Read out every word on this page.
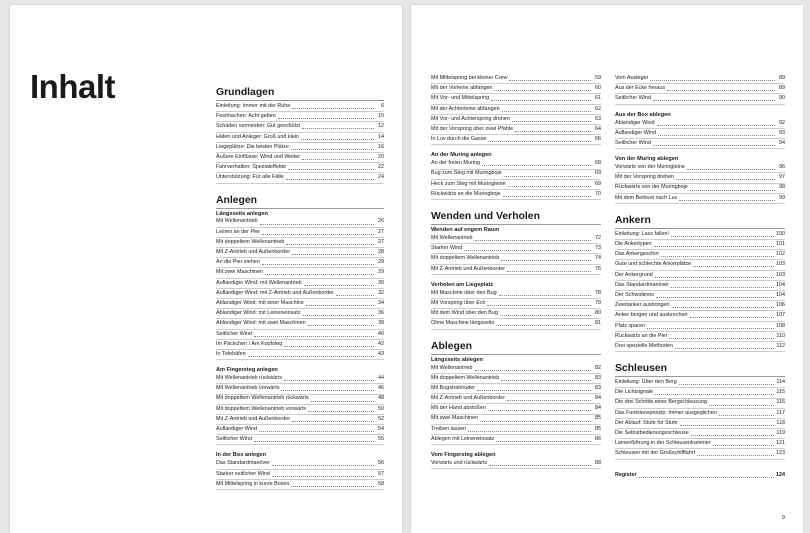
Inhalt	Grundlagen
Einleitung: Immer mit der Ruhe	6
Festmachen: Acht geben	10
Schäden vermeiden: Gut geschützt	12
Häfen und Anleger: Groß und klein	14
Liegeplätze: Die besten Plätze	16
Äußere Einflüsse: Wind und Wetter	20
Fahrverhalten: Spezialeffekte	22
Unterstützung: Für alle Fälle	24
Anlegen
Längsseits anlegen
Mit Wellenantrieb	26
Leinen an der Pier	27
Mit doppeltem Wellenantrieb	27
Mit Z-Antrieb und Außenborder	28
An die Pier ziehen	29
Mit zwei Maschinen	29
Auflandiger Wind: mit Wellenantrieb	30
Auflandiger Wind: mit Z-Antrieb und Außenborder	32
Ablandiger Wind: mit einer Maschine	34
Ablandiger Wind: mit Leineneinsatz	36
Ablandiger Wind: mit zwei Maschinen	38
Seitlicher Wind	40
Im Päckchen / Am Kopfsteg	42
In Tidehäfen	43
Am Fingersteg anlegen
Mit Wellenantrieb rückwärts	44
Mit Wellenantrieb vorwärts	46
Mit doppeltem Wellenantrieb rückwärts	48
Mit doppeltem Wellenantrieb vorwärts	50
Mit Z-Antrieb und Außenborder	52
Auflandiger Wind	54
Seitlicher Wind	55
In der Box anlegen
Das Standardmanöver	56
Starker seitlicher Wind	57
Mit Mittelspring in kurze Boxen	58
Mit Mittelspring bei kleiner Crew	59
Mit der Vorleine abfangen	60
Mit Vor- und Mittelspring	61
Mit der Achterleine abfangen	62
Mit Vor- und Achterspring drehen	63
Mit der Vorspring über zwei Pfähle	64
In Luv durch die Gasse	66
An der Muring anlegen
An der freien Muring	68
Bug zum Steg mit Muringboje	69
Heck zum Steg mit Muringleine	69
Rückwärts an die Muringboje	70
Wenden und Verholen
Wenden auf engem Raum
Mit Wellenantrieb	72
Starker Wind	73
Mit doppeltem Wellenantrieb	74
Mit Z-Antrieb und Außenborder	76
Verholen am Liegeplatz
Mit Maschine über den Bug	78
Mit Vorspring über Eck	79
Mit dem Wind über den Bug	80
Ohne Maschine längsseits	81
Ablegen
Längsseits ablegen
Mit Wellenantrieb	82
Mit doppeltem Wellenantrieb	83
Mit Bugstrahlruder	83
Mit Z-Antrieb und Außenborder	84
Mit der Hand abstoßen	84
Mit zwei Maschinen	85
Treiben lassen	85
Ablegen mit Leineneinsatz	86
Vom Fingersteg ablegen
Vorwärts und rückwärts	88
Vom Ausleger	89
Aus der Ecke heraus	89
Seitlicher Wind	90
Aus der Box ablegen
Ablandiger Wind	92
Auflandiger Wind	93
Seitlicher Wind	94
Von der Muring ablegen
Vorwärts von der Muringleine	96
Mit der Vorspring drehen	97
Rückwärts von der Muringboje	98
Mit dem Beiboot nach Luv	99
Ankern
Einleitung: Lass fallen!	100
Die Ankertypen	101
Das Ankergeschirr	102
Gute und schlechte Ankerplätze	103
Der Ankergrund	103
Das Standardmanöver	104
Der Schwoikreis	104
Zweitanker ausbringen	106
Anker bergen und ausbrechen	107
Platz sparen	108
Rückwärts an die Pier	110
Drei spezielle Methoden	112
Schleusen
Einleitung: Über den Berg	114
Die Lichtsignale	115
Die drei Schritte einer Bergschleusung	116
Das Funktionsprinzip: Immer ausgeglichen	117
Der Ablauf: Stufe für Stufe	118
Die Selbstbedienungsschleuse	119
Leinenführung in der Schleusenkammer	121
Schleusen mit der Großschifffahrt	123
Register	124
9
